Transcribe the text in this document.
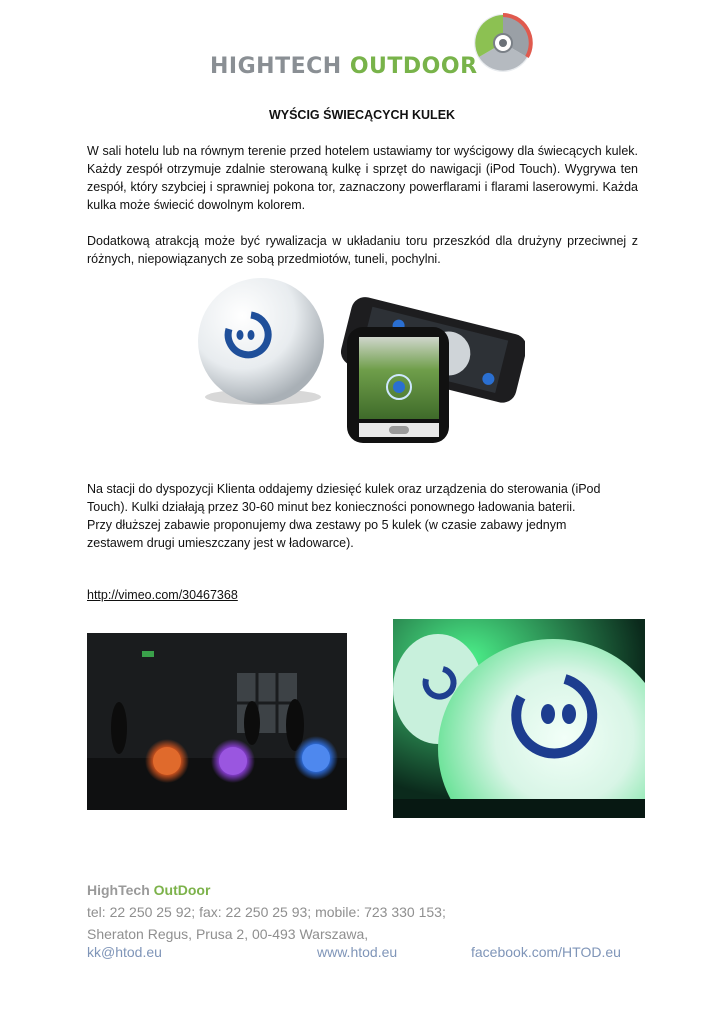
HIGHTECH OUTDOOR
WYŚCIG ŚWIECĄCYCH KULEK
W sali hotelu lub na równym terenie przed hotelem ustawiamy tor wyścigowy dla świecących kulek. Każdy zespół otrzymuje zdalnie sterowaną kulkę i sprzęt do nawigacji (iPod Touch). Wygrywa ten zespół, który szybciej i sprawniej pokona tor, zaznaczony powerflarami i flarami laserowymi. Każda kulka może świecić dowolnym kolorem.
Dodatkową atrakcją może być rywalizacja w układaniu toru przeszkód dla drużyny przeciwnej z różnych, niepowiązanych ze sobą przedmiotów, tuneli, pochylni.
Na stacji do dyspozycji Klienta oddajemy dziesięć kulek oraz urządzenia do sterowania (iPod
Touch). Kulki działają przez 30-60 minut bez konieczności ponownego ładowania baterii.
Przy dłuższej zabawie proponujemy dwa zestawy po 5 kulek (w czasie zabawy jednym
zestawem drugi umieszczany jest w ładowarce).
http://vimeo.com/30467368
HighTech OutDoor
tel: 22 250 25 92; fax: 22 250 25 93; mobile: 723 330 153;
Sheraton Regus, Prusa 2, 00-493 Warszawa,
kk@htod.eu	www.htod.eu	facebook.com/HTOD.eu
